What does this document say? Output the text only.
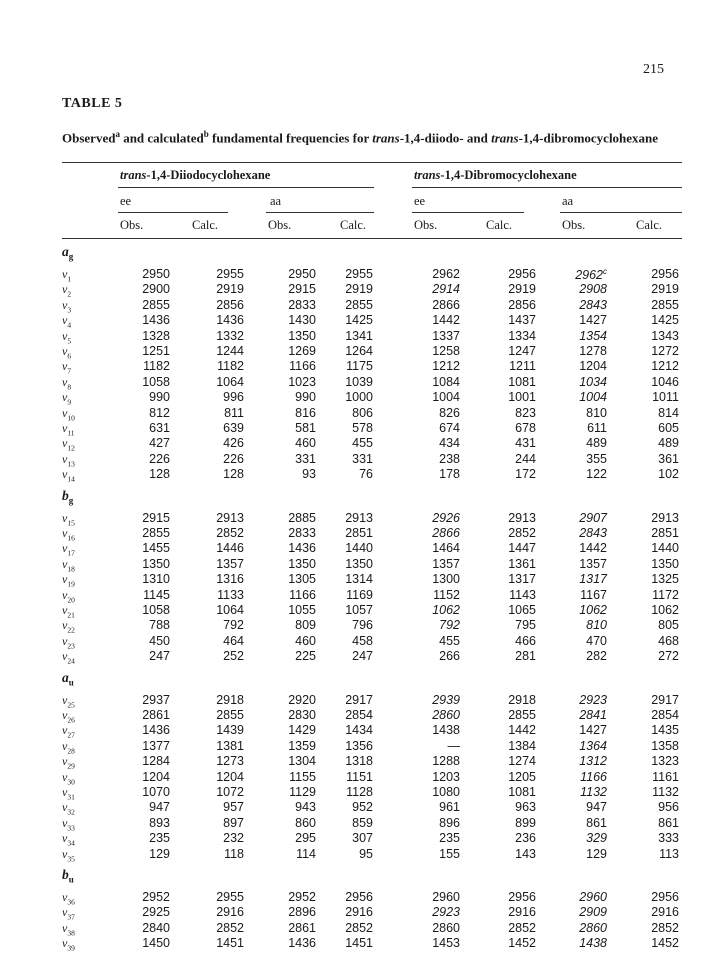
215
TABLE 5
Observed$^a$ and calculated$^b$ fundamental frequencies for trans-1,4-diiodo- and trans-1,4-dibromocyclohexane
trans-1,4-Diiodocyclohexane	trans-1,4-Dibromocyclohexane
ee	aa	ee	aa
Obs.	Calc.	Obs.	Calc.	Obs.	Calc.	Obs.	Calc.
$a_g$
$\nu_1$	2950	2955	2950	2955	2962	2956	2962$^c$	2956
$\nu_2$	2900	2919	2915	2919	2914	2919	2908	2919
$\nu_3$	2855	2856	2833	2855	2866	2856	2843	2855
$\nu_4$	1436	1436	1430	1425	1442	1437	1427	1425
$\nu_5$	1328	1332	1350	1341	1337	1334	1354	1343
$\nu_6$	1251	1244	1269	1264	1258	1247	1278	1272
$\nu_7$	1182	1182	1166	1175	1212	1211	1204	1212
$\nu_8$	1058	1064	1023	1039	1084	1081	1034	1046
$\nu_9$	990	996	990	1000	1004	1001	1004	1011
$\nu_{10}$	812	811	816	806	826	823	810	814
$\nu_{11}$	631	639	581	578	674	678	611	605
$\nu_{12}$	427	426	460	455	434	431	489	489
$\nu_{13}$	226	226	331	331	238	244	355	361
$\nu_{14}$	128	128	93	76	178	172	122	102
$b_g$
$\nu_{15}$	2915	2913	2885	2913	2926	2913	2907	2913
$\nu_{16}$	2855	2852	2833	2851	2866	2852	2843	2851
$\nu_{17}$	1455	1446	1436	1440	1464	1447	1442	1440
$\nu_{18}$	1350	1357	1350	1350	1357	1361	1357	1350
$\nu_{19}$	1310	1316	1305	1314	1300	1317	1317	1325
$\nu_{20}$	1145	1133	1166	1169	1152	1143	1167	1172
$\nu_{21}$	1058	1064	1055	1057	1062	1065	1062	1062
$\nu_{22}$	788	792	809	796	792	795	810	805
$\nu_{23}$	450	464	460	458	455	466	470	468
$\nu_{24}$	247	252	225	247	266	281	282	272
$a_u$
$\nu_{25}$	2937	2918	2920	2917	2939	2918	2923	2917
$\nu_{26}$	2861	2855	2830	2854	2860	2855	2841	2854
$\nu_{27}$	1436	1439	1429	1434	1438	1442	1427	1435
$\nu_{28}$	1377	1381	1359	1356	—	1384	1364	1358
$\nu_{29}$	1284	1273	1304	1318	1288	1274	1312	1323
$\nu_{30}$	1204	1204	1155	1151	1203	1205	1166	1161
$\nu_{31}$	1070	1072	1129	1128	1080	1081	1132	1132
$\nu_{32}$	947	957	943	952	961	963	947	956
$\nu_{33}$	893	897	860	859	896	899	861	861
$\nu_{34}$	235	232	295	307	235	236	329	333
$\nu_{35}$	129	118	114	95	155	143	129	113
$b_u$
$\nu_{36}$	2952	2955	2952	2956	2960	2956	2960	2956
$\nu_{37}$	2925	2916	2896	2916	2923	2916	2909	2916
$\nu_{38}$	2840	2852	2861	2852	2860	2852	2860	2852
$\nu_{39}$	1450	1451	1436	1451	1453	1452	1438	1452
